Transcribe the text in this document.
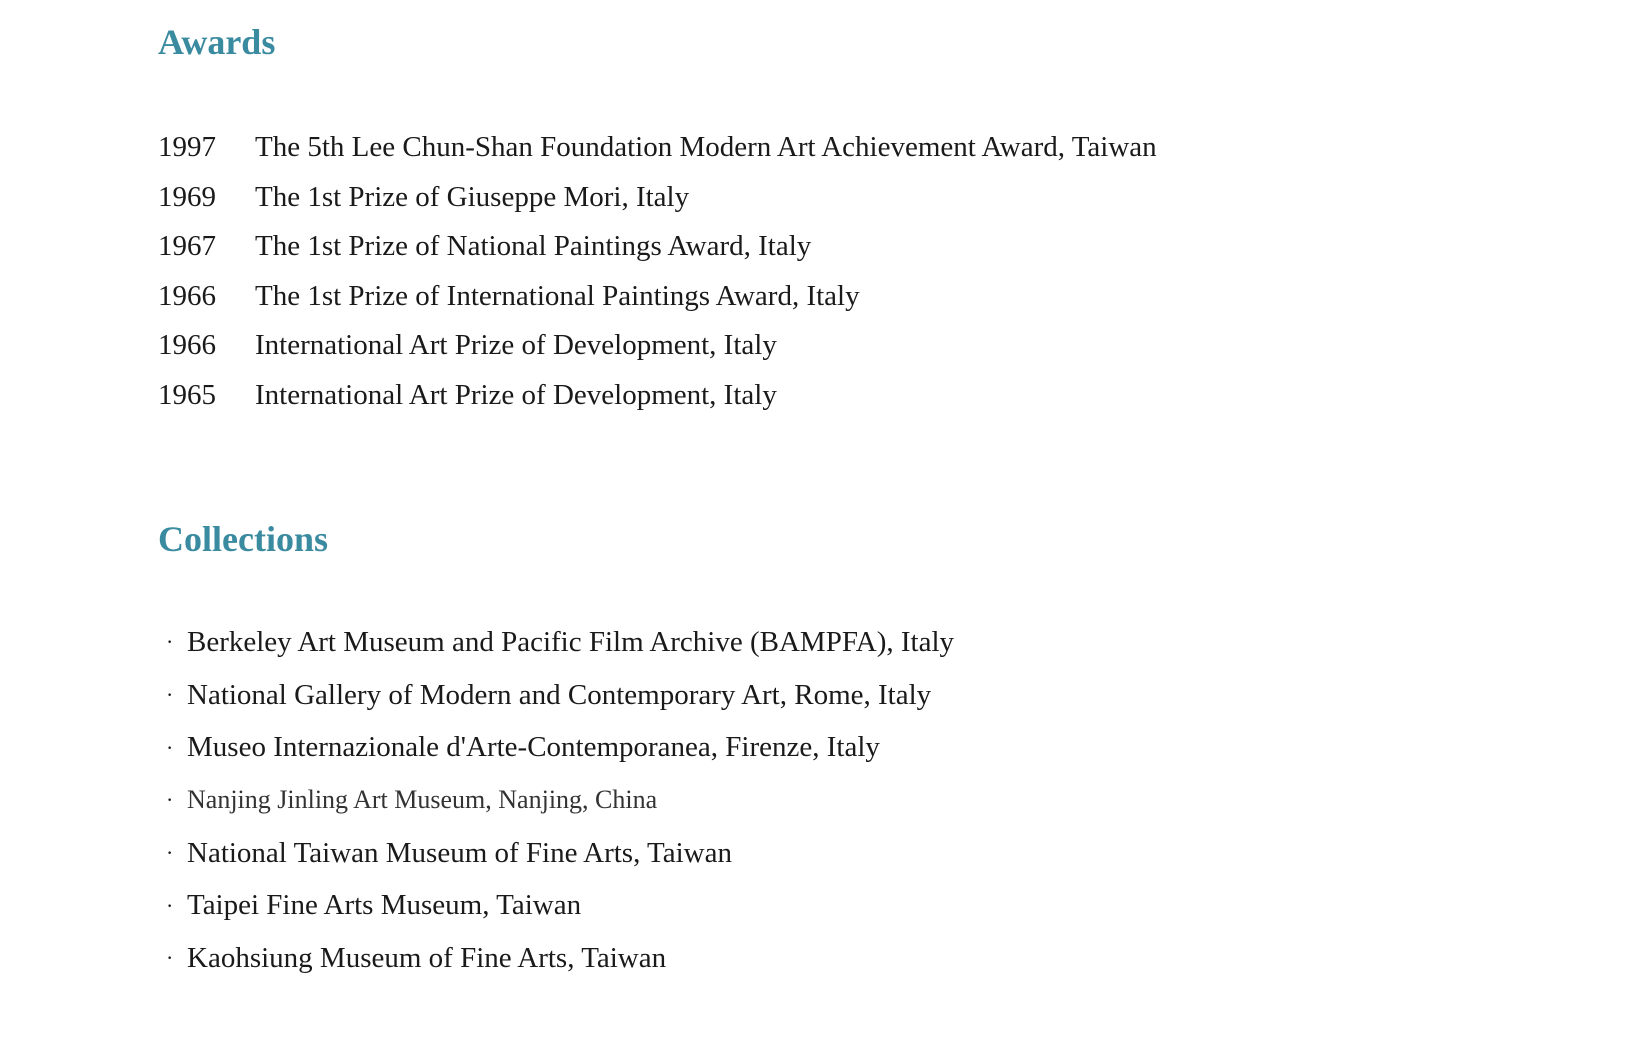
Awards
1997	The 5th Lee Chun-Shan Foundation Modern Art Achievement Award, Taiwan
1969	The 1st Prize of Giuseppe Mori, Italy
1967	The 1st Prize of National Paintings Award, Italy
1966	The 1st Prize of International Paintings Award, Italy
1966	International Art Prize of Development, Italy
1965	International Art Prize of Development, Italy
Collections
· Berkeley Art Museum and Pacific Film Archive (BAMPFA), Italy
· National Gallery of Modern and Contemporary Art, Rome, Italy
· Museo Internazionale d'Arte-Contemporanea, Firenze, Italy
· Nanjing Jinling Art Museum, Nanjing, China
· National Taiwan Museum of Fine Arts, Taiwan
· Taipei Fine Arts Museum, Taiwan
· Kaohsiung Museum of Fine Arts, Taiwan
